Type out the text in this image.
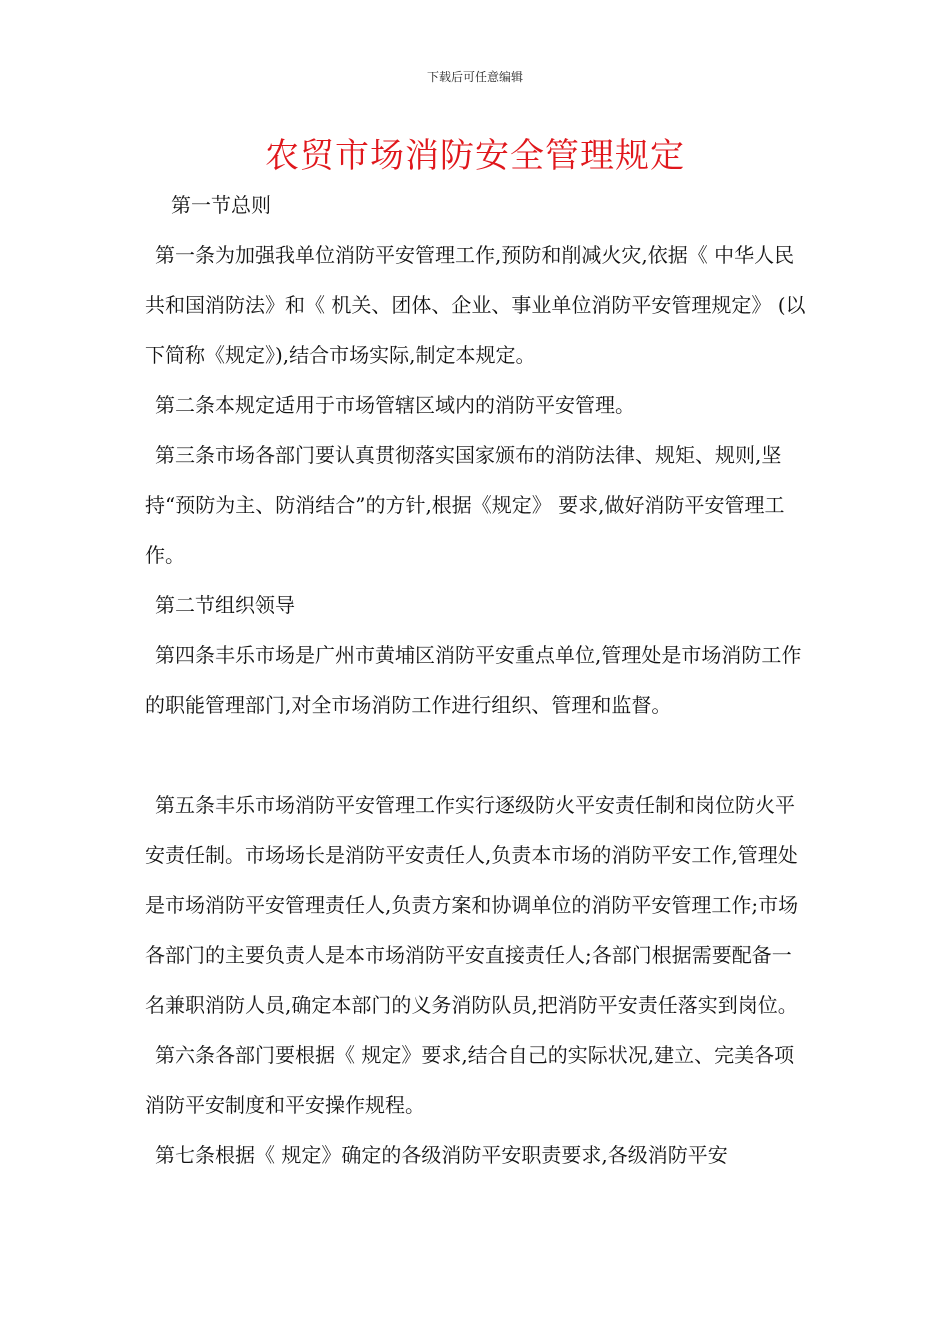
下载后可任意编辑
农贸市场消防安全管理规定

第一节总则

第一条为加强我单位消防平安管理工作,预防和削减火灾,依据《 中华人民共和国消防法》和《 机关、团体、企业、事业单位消防平安管理规定》 (以下简称《规定》),结合市场实际,制定本规定。

第二条本规定适用于市场管辖区域内的消防平安管理。

第三条市场各部门要认真贯彻落实国家颁布的消防法律、规矩、规则,坚持“预防为主、防消结合”的方针,根据《规定》 要求,做好消防平安管理工作。

第二节组织领导

第四条丰乐市场是广州市黄埔区消防平安重点单位,管理处是市场消防工作的职能管理部门,对全市场消防工作进行组织、管理和监督。

第五条丰乐市场消防平安管理工作实行逐级防火平安责任制和岗位防火平安责任制。市场场长是消防平安责任人,负责本市场的消防平安工作,管理处是市场消防平安管理责任人,负责方案和协调单位的消防平安管理工作;市场各部门的主要负责人是本市场消防平安直接责任人;各部门根据需要配备一名兼职消防人员,确定本部门的义务消防队员,把消防平安责任落实到岗位。

第六条各部门要根据《 规定》要求,结合自己的实际状况,建立、完美各项消防平安制度和平安操作规程。

第七条根据《 规定》确定的各级消防平安职责要求,各级消防平安
